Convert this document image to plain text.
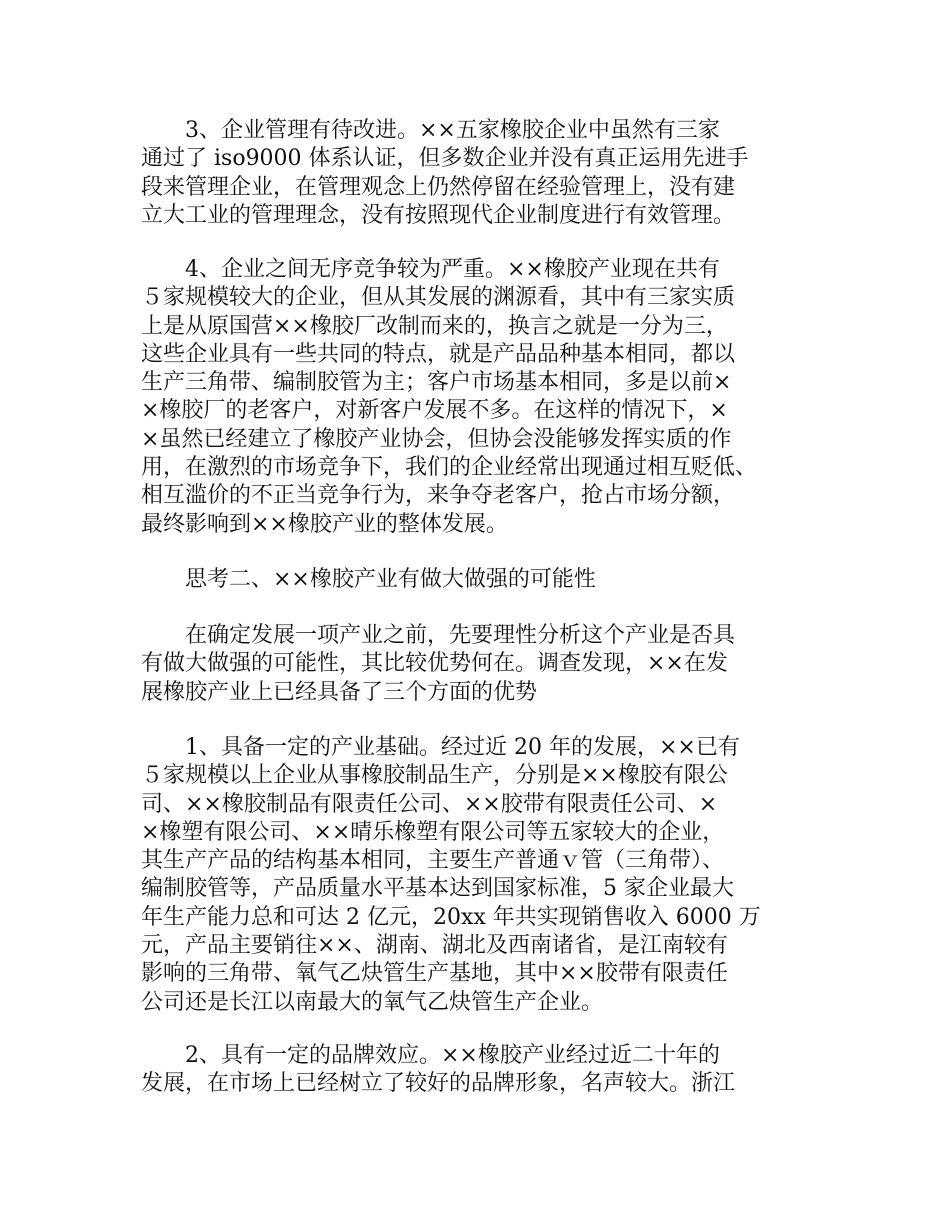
3、企业管理有待改进。××五家橡胶企业中虽然有三家
通过了 iso9000 体系认证，但多数企业并没有真正运用先进手
段来管理企业，在管理观念上仍然停留在经验管理上，没有建
立大工业的管理理念，没有按照现代企业制度进行有效管理。

4、企业之间无序竞争较为严重。××橡胶产业现在共有
５家规模较大的企业，但从其发展的渊源看，其中有三家实质
上是从原国营××橡胶厂改制而来的，换言之就是一分为三，
这些企业具有一些共同的特点，就是产品品种基本相同，都以
生产三角带、编制胶管为主；客户市场基本相同，多是以前×
×橡胶厂的老客户，对新客户发展不多。在这样的情况下，×
×虽然已经建立了橡胶产业协会，但协会没能够发挥实质的作
用，在激烈的市场竞争下，我们的企业经常出现通过相互贬低、
相互滥价的不正当竞争行为，来争夺老客户，抢占市场分额，
最终影响到××橡胶产业的整体发展。

思考二、××橡胶产业有做大做强的可能性

在确定发展一项产业之前，先要理性分析这个产业是否具
有做大做强的可能性，其比较优势何在。调查发现，××在发
展橡胶产业上已经具备了三个方面的优势

1、具备一定的产业基础。经过近 20 年的发展，××已有
５家规模以上企业从事橡胶制品生产，分别是××橡胶有限公
司、××橡胶制品有限责任公司、××胶带有限责任公司、×
×橡塑有限公司、××晴乐橡塑有限公司等五家较大的企业，
其生产产品的结构基本相同，主要生产普通ｖ管（三角带）、
编制胶管等，产品质量水平基本达到国家标准，5 家企业最大
年生产能力总和可达 2 亿元，20xx 年共实现销售收入 6000 万
元，产品主要销往××、湖南、湖北及西南诸省，是江南较有
影响的三角带、氧气乙炔管生产基地，其中××胶带有限责任
公司还是长江以南最大的氧气乙炔管生产企业。

2、具有一定的品牌效应。××橡胶产业经过近二十年的
发展，在市场上已经树立了较好的品牌形象，名声较大。浙江
